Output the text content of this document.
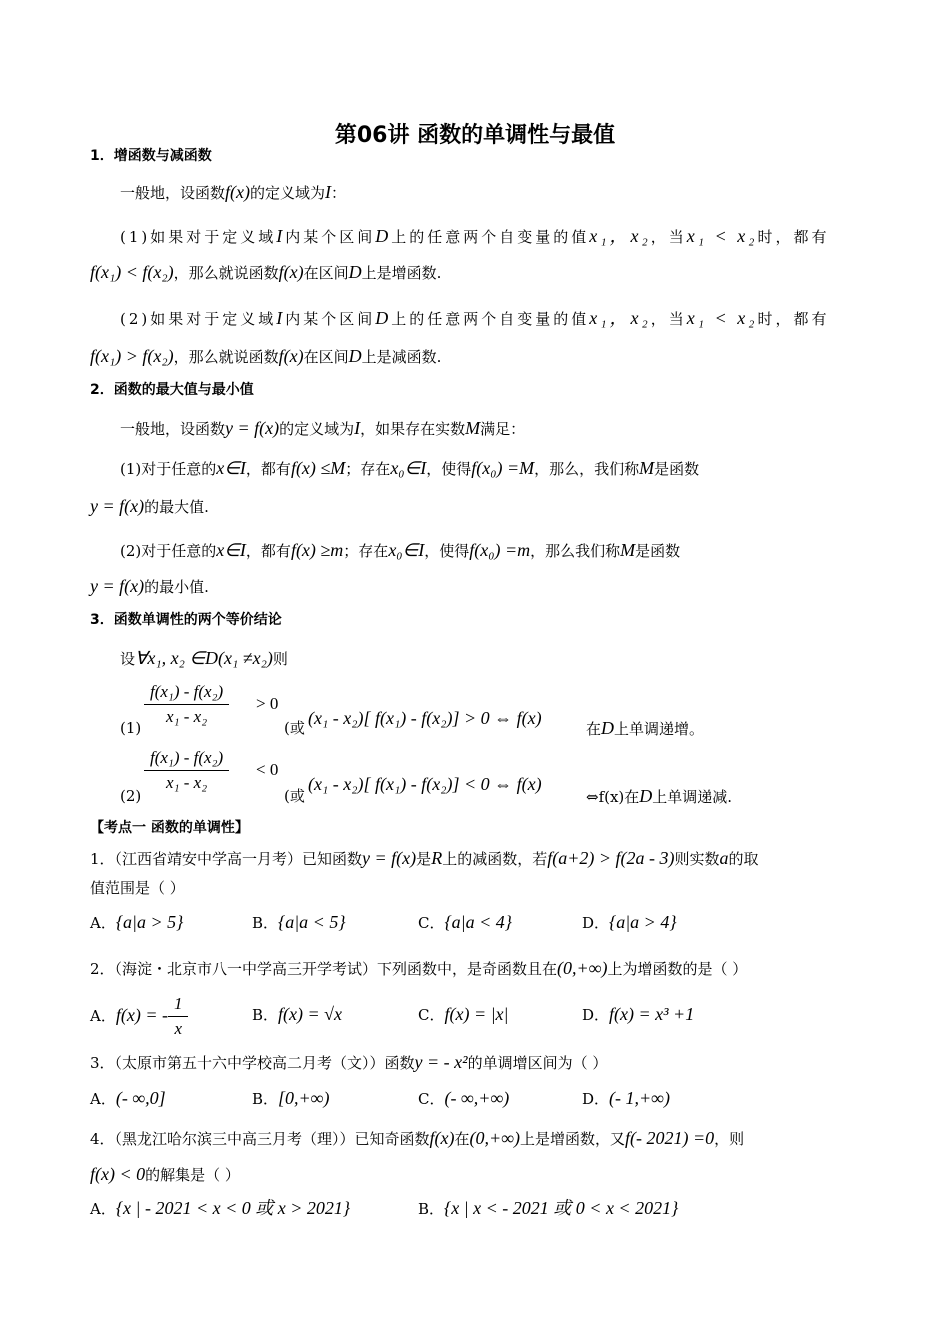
第06讲 函数的单调性与最值
1．增函数与减函数
一般地，设函数f(x)的定义域为I：
(1)如果对于定义域I内某个区间D上的任意两个自变量的值x₁，x₂，当x₁ < x₂时，都有
f(x₁) < f(x₂)，那么就说函数f(x)在区间D上是增函数.
(2)如果对于定义域I内某个区间D上的任意两个自变量的值x₁，x₂，当x₁ < x₂时，都有
f(x₁) > f(x₂)，那么就说函数f(x)在区间D上是减函数.
2．函数的最大值与最小值
一般地，设函数y = f(x)的定义域为I，如果存在实数M满足：
(1)对于任意的x∈I，都有f(x) ≤M；存在x₀∈I，使得f(x₀) =M，那么，我们称M是函数
y = f(x)的最大值.
(2)对于任意的x∈I，都有f(x) ≥m；存在x₀∈I，使得f(x₀) =m，那么我们称M是函数
y = f(x)的最小值.
3．函数单调性的两个等价结论
设∀x₁, x₂ ∈D(x₁ ≠x₂)则
(1)
$\frac{\text{f(x₁) - f(x₂)}}{\text{x₁ - x₂}} > 0$
(或 (x₁ - x₂)[ f(x₁) - f(x₂)] > 0 ⇔ f(x)
在D上单调递增。
(2)
$\frac{\text{f(x₁) - f(x₂)}}{\text{x₁ - x₂}} < 0$
(或
(x₁ - x₂)[ f(x₁) - f(x₂)] < 0 ⇔ f(x)
⇔f(x)在D上单调递减.
【考点一 函数的单调性】
1．（江西省靖安中学高一月考）已知函数y = f(x)是R上的减函数，若f(a+2) > f(2a - 3)则实数a的取
值范围是（ ）
A．{a|a > 5}	B．{a|a < 5}	C．{a|a < 4}	D．{a|a > 4}
2．（海淀・北京市八一中学高三开学考试）下列函数中，是奇函数且在(0,+∞)上为增函数的是（ ）
A．f(x) = - $\frac{1}{x}$	B．f(x) = √x	C．f(x) = |x|	D．f(x) = x³ +1
3．（太原市第五十六中学校高二月考（文））函数y = - x²的单调增区间为（ ）
A．(- ∞,0]	B．[0,+∞)	C．(- ∞,+∞)	D．(- 1,+∞)
4．（黑龙江哈尔滨三中高三月考（理））已知奇函数f(x)在(0,+∞)上是增函数，又f(- 2021) =0，则
f(x) < 0的解集是（ ）
A．{x | - 2021 < x < 0 或 x > 2021}	B．{x | x < - 2021 或 0 < x < 2021}
